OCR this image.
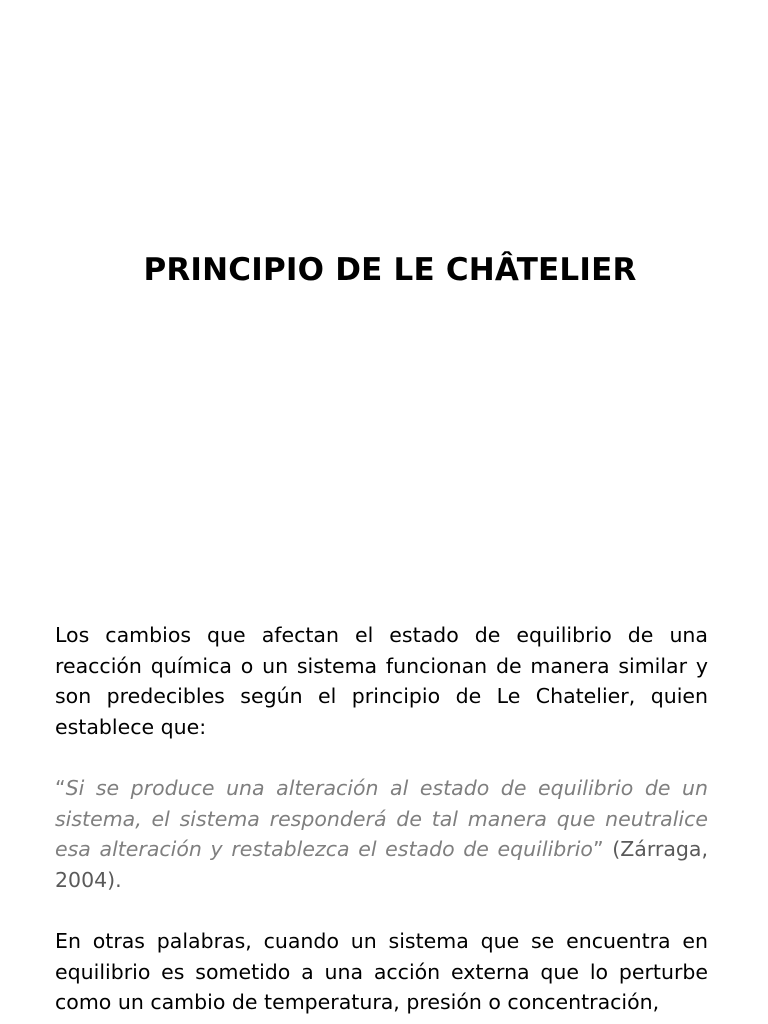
PRINCIPIO DE LE CHÂTELIER

Los cambios que afectan el estado de equilibrio de una reacción química o un sistema funcionan de manera similar y son predecibles según el principio de Le Chatelier, quien establece que:

“Si se produce una alteración al estado de equilibrio de un sistema, el sistema responderá de tal manera que neutralice esa alteración y restablezca el estado de equilibrio” (Zárraga, 2004).

En otras palabras, cuando un sistema que se encuentra en equilibrio es sometido a una acción externa que lo perturbe como un cambio de temperatura, presión o concentración,
